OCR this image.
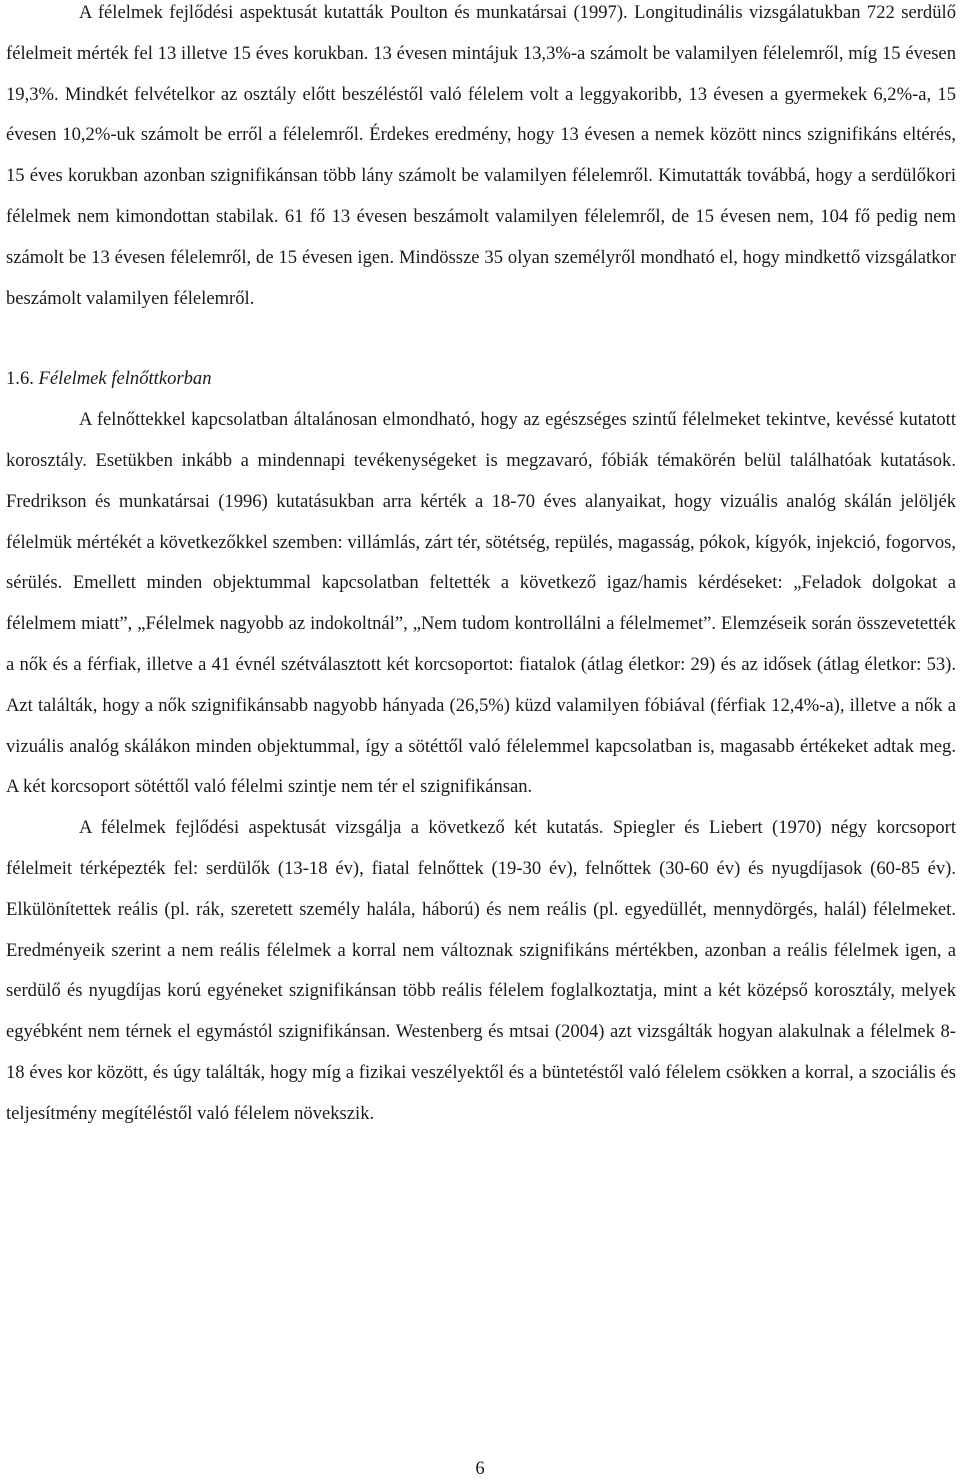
A félelmek fejlődési aspektusát kutatták Poulton és munkatársai (1997). Longitudinális vizsgálatukban 722 serdülő félelmeit mérték fel 13 illetve 15 éves korukban. 13 évesen mintájuk 13,3%-a számolt be valamilyen félelemről, míg 15 évesen 19,3%. Mindkét felvételkor az osztály előtt beszéléstől való félelem volt a leggyakoribb, 13 évesen a gyermekek 6,2%-a, 15 évesen 10,2%-uk számolt be erről a félelemről. Érdekes eredmény, hogy 13 évesen a nemek között nincs szignifikáns eltérés, 15 éves korukban azonban szignifikánsan több lány számolt be valamilyen félelemről. Kimutatták továbbá, hogy a serdülőkori félelmek nem kimondottan stabilak. 61 fő 13 évesen beszámolt valamilyen félelemről, de 15 évesen nem, 104 fő pedig nem számolt be 13 évesen félelemről, de 15 évesen igen. Mindössze 35 olyan személyről mondható el, hogy mindkettő vizsgálatkor beszámolt valamilyen félelemről.

1.6. Félelmek felnőttkorban

A felnőttekkel kapcsolatban általánosan elmondható, hogy az egészséges szintű félelmeket tekintve, kevéssé kutatott korosztály. Esetükben inkább a mindennapi tevékenységeket is megzavaró, fóbiák témakörén belül találhatóak kutatások. Fredrikson és munkatársai (1996) kutatásukban arra kérték a 18-70 éves alanyaikat, hogy vizuális analóg skálán jelöljék félelmük mértékét a következőkkel szemben: villámlás, zárt tér, sötétség, repülés, magasság, pókok, kígyók, injekció, fogorvos, sérülés. Emellett minden objektummal kapcsolatban feltették a következő igaz/hamis kérdéseket: „Feladok dolgokat a félelmem miatt”, „Félelmek nagyobb az indokoltnál”, „Nem tudom kontrollálni a félelmemet”. Elemzéseik során összevetették a nők és a férfiak, illetve a 41 évnél szétválasztott két korcsoportot: fiatalok (átlag életkor: 29) és az idősek (átlag életkor: 53). Azt találták, hogy a nők szignifikánsabb nagyobb hányada (26,5%) küzd valamilyen fóbiával (férfiak 12,4%-a), illetve a nők a vizuális analóg skálákon minden objektummal, így a sötéttől való félelemmel kapcsolatban is, magasabb értékeket adtak meg. A két korcsoport sötéttől való félelmi szintje nem tér el szignifikánsan.

A félelmek fejlődési aspektusát vizsgálja a következő két kutatás. Spiegler és Liebert (1970) négy korcsoport félelmeit térképezték fel: serdülők (13-18 év), fiatal felnőttek (19-30 év), felnőttek (30-60 év) és nyugdíjasok (60-85 év). Elkülönítettek reális (pl. rák, szeretett személy halála, háború) és nem reális (pl. egyedüllét, mennydörgés, halál) félelmeket. Eredményeik szerint a nem reális félelmek a korral nem változnak szignifikáns mértékben, azonban a reális félelmek igen, a serdülő és nyugdíjas korú egyéneket szignifikánsan több reális félelem foglalkoztatja, mint a két középső korosztály, melyek egyébként nem térnek el egymástól szignifikánsan. Westenberg és mtsai (2004) azt vizsgálták hogyan alakulnak a félelmek 8-18 éves kor között, és úgy találták, hogy míg a fizikai veszélyektől és a büntetéstől való félelem csökken a korral, a szociális és teljesítmény megítéléstől való félelem növekszik.

6
